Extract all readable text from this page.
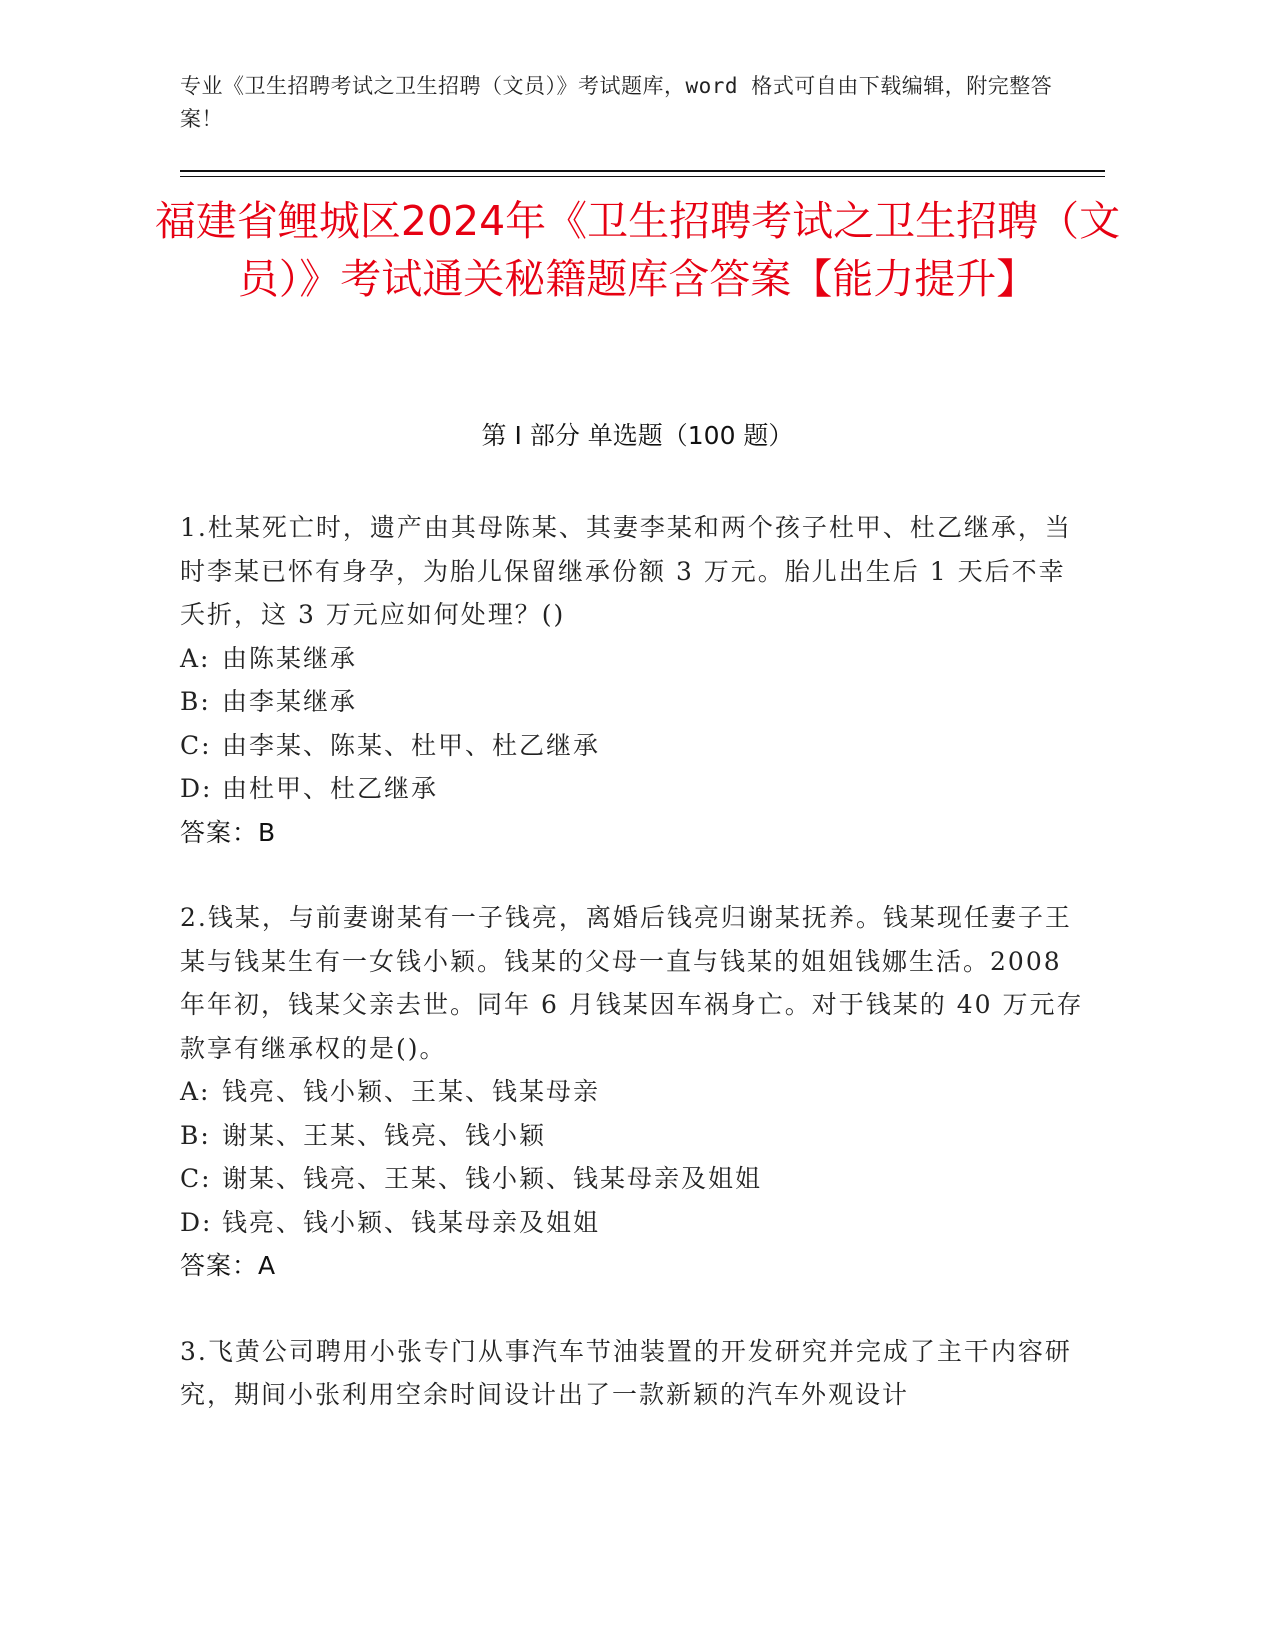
专业《卫生招聘考试之卫生招聘（文员）》考试题库，word 格式可自由下载编辑，附完整答案！
福建省鲤城区2024年《卫生招聘考试之卫生招聘（文员）》考试通关秘籍题库含答案【能力提升】
第 I 部分 单选题（100 题）
1.杜某死亡时，遗产由其母陈某、其妻李某和两个孩子杜甲、杜乙继承，当时李某已怀有身孕，为胎儿保留继承份额 3 万元。胎儿出生后 1 天后不幸夭折，这 3 万元应如何处理？()
A: 由陈某继承
B: 由李某继承
C: 由李某、陈某、杜甲、杜乙继承
D: 由杜甲、杜乙继承
答案：B
2.钱某，与前妻谢某有一子钱亮，离婚后钱亮归谢某抚养。钱某现任妻子王某与钱某生有一女钱小颖。钱某的父母一直与钱某的姐姐钱娜生活。2008 年年初，钱某父亲去世。同年 6 月钱某因车祸身亡。对于钱某的 40 万元存款享有继承权的是()。
A: 钱亮、钱小颖、王某、钱某母亲
B: 谢某、王某、钱亮、钱小颖
C: 谢某、钱亮、王某、钱小颖、钱某母亲及姐姐
D: 钱亮、钱小颖、钱某母亲及姐姐
答案：A
3.飞黄公司聘用小张专门从事汽车节油装置的开发研究并完成了主干内容研究，期间小张利用空余时间设计出了一款新颖的汽车外观设计
